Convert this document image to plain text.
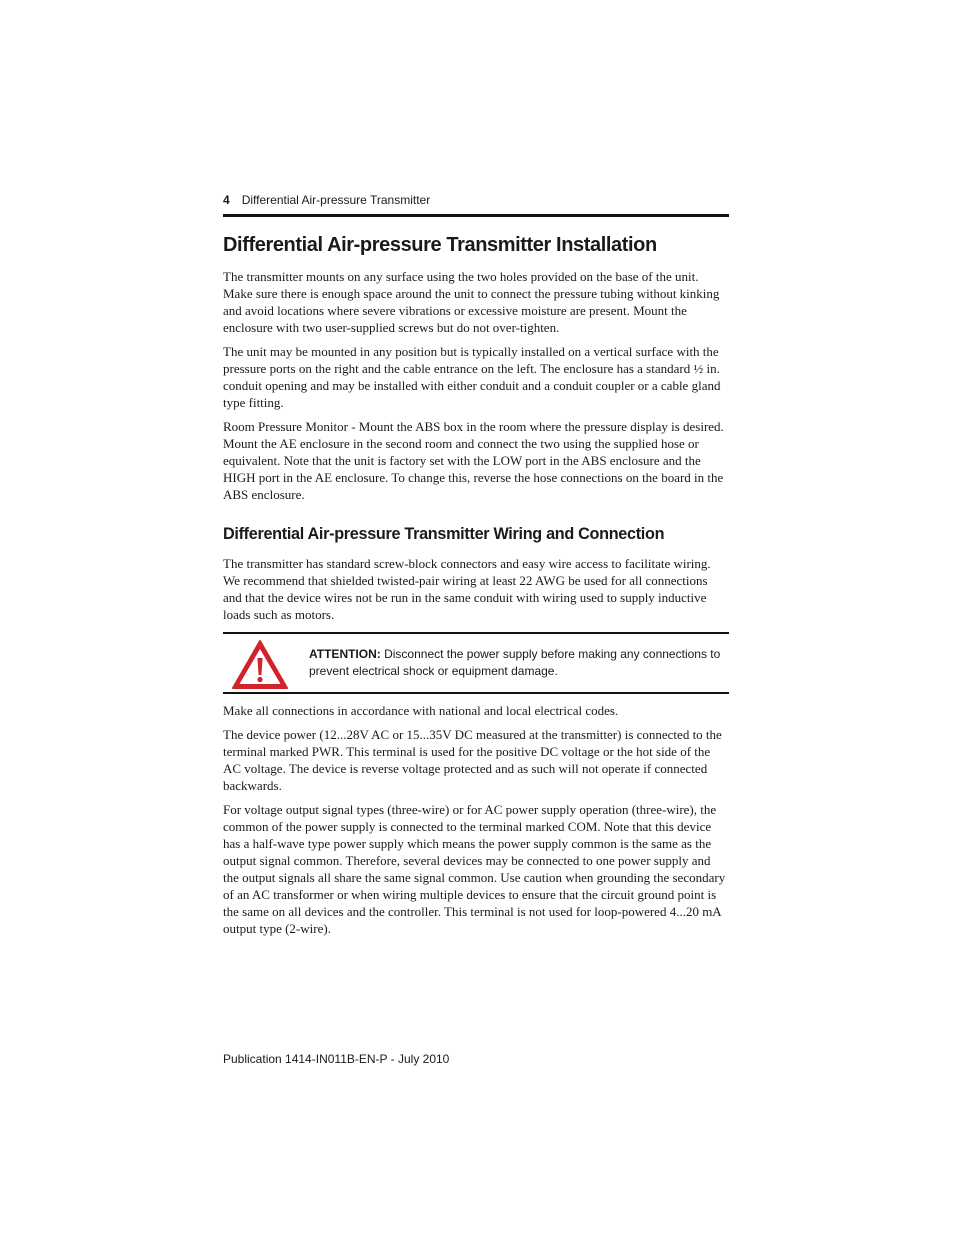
4 Differential Air-pressure Transmitter
Differential Air-pressure Transmitter Installation

The transmitter mounts on any surface using the two holes provided on the base of the unit. Make sure there is enough space around the unit to connect the pressure tubing without kinking and avoid locations where severe vibrations or excessive moisture are present. Mount the enclosure with two user-supplied screws but do not over-tighten.

The unit may be mounted in any position but is typically installed on a vertical surface with the pressure ports on the right and the cable entrance on the left. The enclosure has a standard ½ in. conduit opening and may be installed with either conduit and a conduit coupler or a cable gland type fitting.

Room Pressure Monitor - Mount the ABS box in the room where the pressure display is desired. Mount the AE enclosure in the second room and connect the two using the supplied hose or equivalent. Note that the unit is factory set with the LOW port in the ABS enclosure and the HIGH port in the AE enclosure. To change this, reverse the hose connections on the board in the ABS enclosure.

Differential Air-pressure Transmitter Wiring and Connection

The transmitter has standard screw-block connectors and easy wire access to facilitate wiring. We recommend that shielded twisted-pair wiring at least 22 AWG be used for all connections and that the device wires not be run in the same conduit with wiring used to supply inductive loads such as motors.

ATTENTION: Disconnect the power supply before making any connections to prevent electrical shock or equipment damage.

Make all connections in accordance with national and local electrical codes.

The device power (12...28V AC or 15...35V DC measured at the transmitter) is connected to the terminal marked PWR. This terminal is used for the positive DC voltage or the hot side of the AC voltage. The device is reverse voltage protected and as such will not operate if connected backwards.

For voltage output signal types (three-wire) or for AC power supply operation (three-wire), the common of the power supply is connected to the terminal marked COM. Note that this device has a half-wave type power supply which means the power supply common is the same as the output signal common. Therefore, several devices may be connected to one power supply and the output signals all share the same signal common. Use caution when grounding the secondary of an AC transformer or when wiring multiple devices to ensure that the circuit ground point is the same on all devices and the controller. This terminal is not used for loop-powered 4...20 mA output type (2-wire).

Publication 1414-IN011B-EN-P - July 2010
